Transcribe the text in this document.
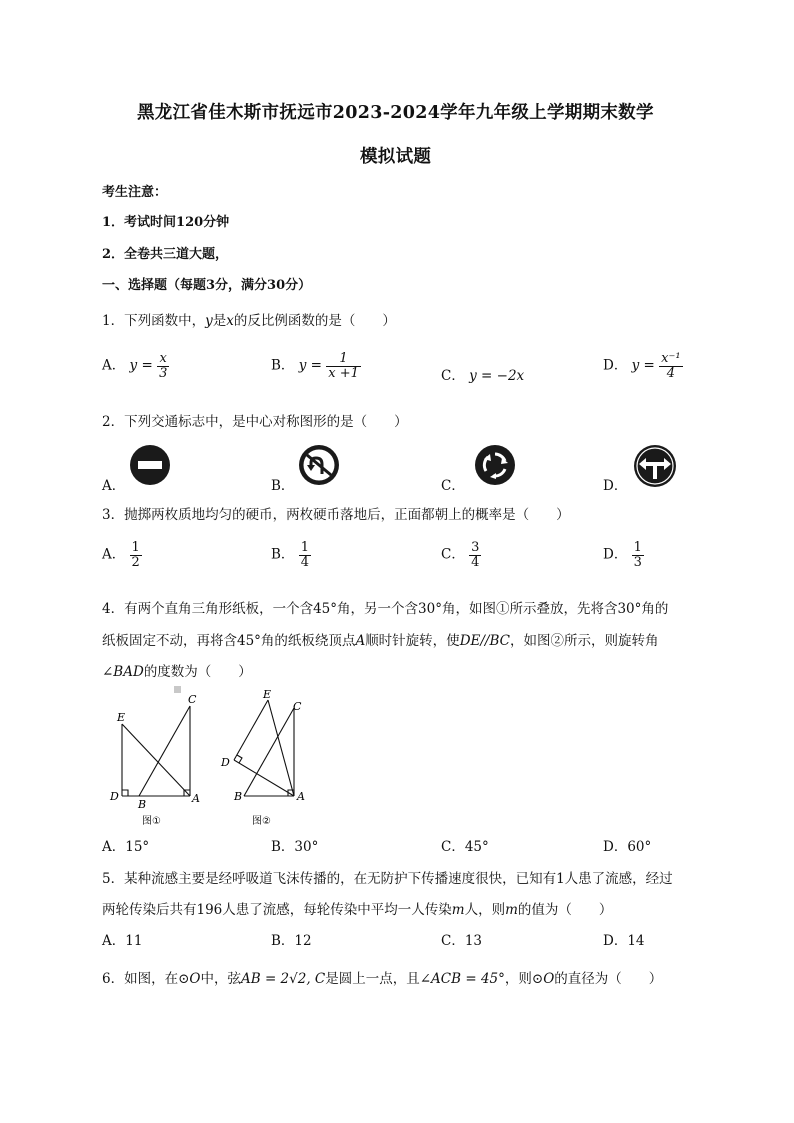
黑龙江省佳木斯市抚远市2023-2024学年九年级上学期期末数学
模拟试题
考生注意：
1．考试时间120分钟
2．全卷共三道大题，
一、选择题（每题3分，满分30分）
1．下列函数中，y是x的反比例函数的是（　　）
A． $y = \frac{x}{3}$	B． $y = \frac{1}{x +1}$	C． y = −2x
D． $y = \frac{\text{x⁻¹}}{4}$
2．下列交通标志中，是中心对称图形的是（　　）
A．	B．	C．	D．
3．抛掷两枚质地均匀的硬币，两枚硬币落地后，正面都朝上的概率是（　　）
A． $\frac{1}{2}$	B． $\frac{1}{4}$	C． $\frac{3}{4}$	D． $\frac{1}{3}$
4．有两个直角三角形纸板，一个含45°角，另一个含30°角，如图①所示叠放，先将含30°角的
纸板固定不动，再将含45°角的纸板绕顶点A顺时针旋转，使DE//BC，如图②所示，则旋转角
∠BAD的度数为（　　）
E
C
D
B	A
图①
E
C
D
B	A
图②
A．15°	B．30°	C．45°	D．60°
5．某种流感主要是经呼吸道飞沫传播的，在无防护下传播速度很快，已知有1人患了流感，经过
两轮传染后共有196人患了流感，每轮传染中平均一人传染m人，则m的值为（　　）
A．11	B．12	C．13	D．14
6．如图，在⊙O中，弦AB = 2√2, C是圆上一点，且∠ACB = 45°，则⊙O的直径为（　　）
